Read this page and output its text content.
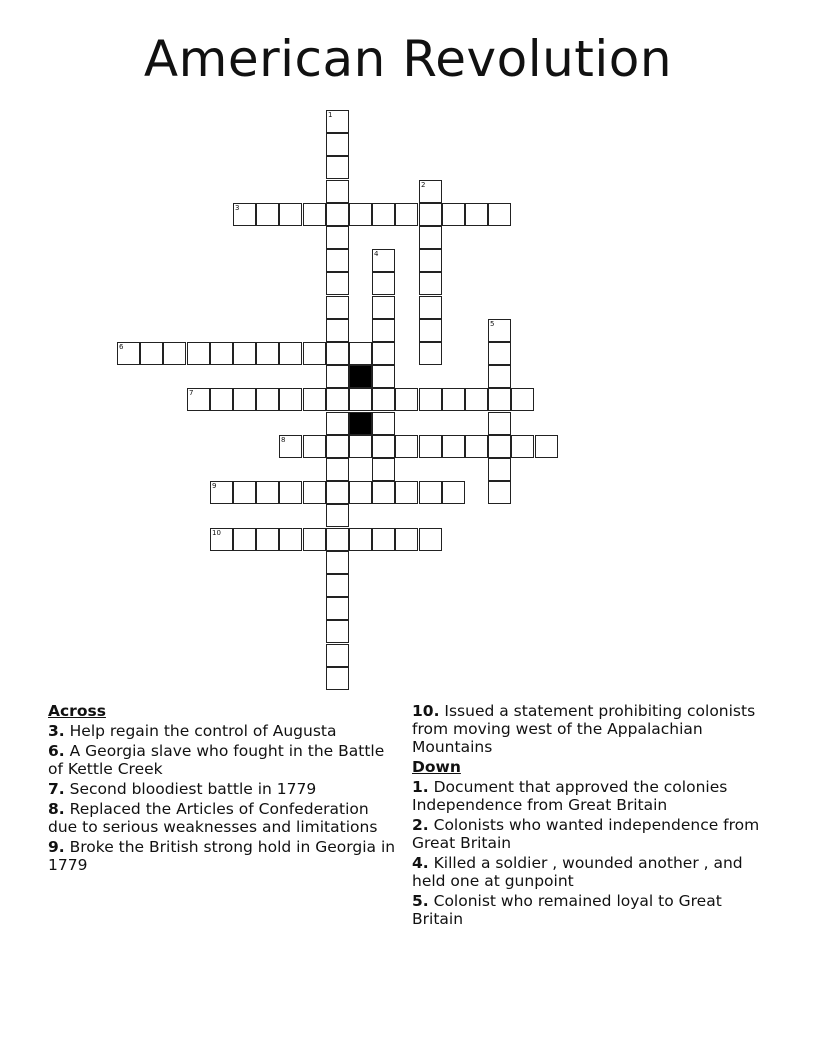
American Revolution
1
2
3
4
5
6
7
8
9
10
Across
3. Help regain the control of Augusta
6. A Georgia slave who fought in the Battle of Kettle Creek
7. Second bloodiest battle in 1779
8. Replaced the Articles of Confederation due to serious weaknesses and limitations
9. Broke the British strong hold in Georgia in 1779
10. Issued a statement prohibiting colonists from moving west of the Appalachian Mountains
Down
1. Document that approved the colonies Independence from Great Britain
2. Colonists who wanted independence from Great Britain
4. Killed a soldier , wounded another , and held one at gunpoint
5. Colonist who remained loyal to Great Britain
